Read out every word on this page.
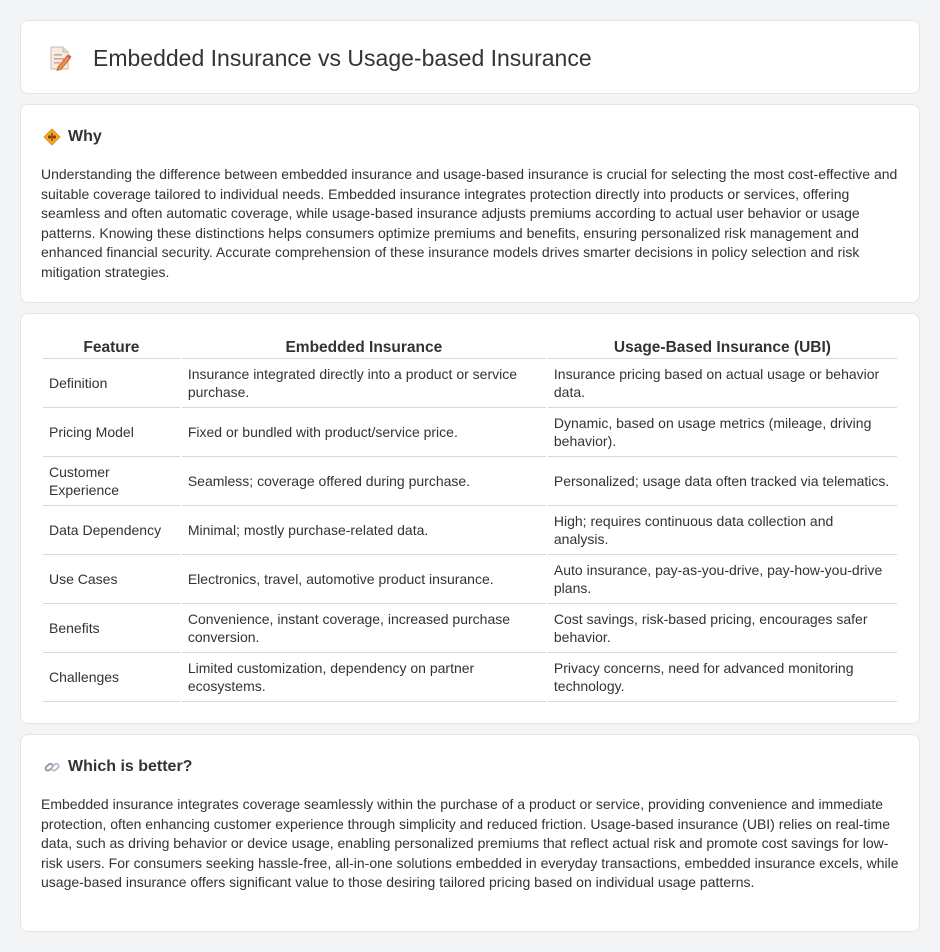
Embedded Insurance vs Usage-based Insurance
Why

Understanding the difference between embedded insurance and usage-based insurance is crucial for selecting the most cost-effective and suitable coverage tailored to individual needs. Embedded insurance integrates protection directly into products or services, offering seamless and often automatic coverage, while usage-based insurance adjusts premiums according to actual user behavior or usage patterns. Knowing these distinctions helps consumers optimize premiums and benefits, ensuring personalized risk management and enhanced financial security. Accurate comprehension of these insurance models drives smarter decisions in policy selection and risk mitigation strategies.

Feature	Embedded Insurance	Usage-Based Insurance (UBI)
Definition	Insurance integrated directly into a product or service purchase.	Insurance pricing based on actual usage or behavior data.
Pricing Model	Fixed or bundled with product/service price.	Dynamic, based on usage metrics (mileage, driving behavior).
Customer Experience	Seamless; coverage offered during purchase.	Personalized; usage data often tracked via telematics.
Data Dependency	Minimal; mostly purchase-related data.	High; requires continuous data collection and analysis.
Use Cases	Electronics, travel, automotive product insurance.	Auto insurance, pay-as-you-drive, pay-how-you-drive plans.
Benefits	Convenience, instant coverage, increased purchase conversion.	Cost savings, risk-based pricing, encourages safer behavior.
Challenges	Limited customization, dependency on partner ecosystems.	Privacy concerns, need for advanced monitoring technology.
Which is better?

Embedded insurance integrates coverage seamlessly within the purchase of a product or service, providing convenience and immediate protection, often enhancing customer experience through simplicity and reduced friction. Usage-based insurance (UBI) relies on real-time data, such as driving behavior or device usage, enabling personalized premiums that reflect actual risk and promote cost savings for low-risk users. For consumers seeking hassle-free, all-in-one solutions embedded in everyday transactions, embedded insurance excels, while usage-based insurance offers significant value to those desiring tailored pricing based on individual usage patterns.
